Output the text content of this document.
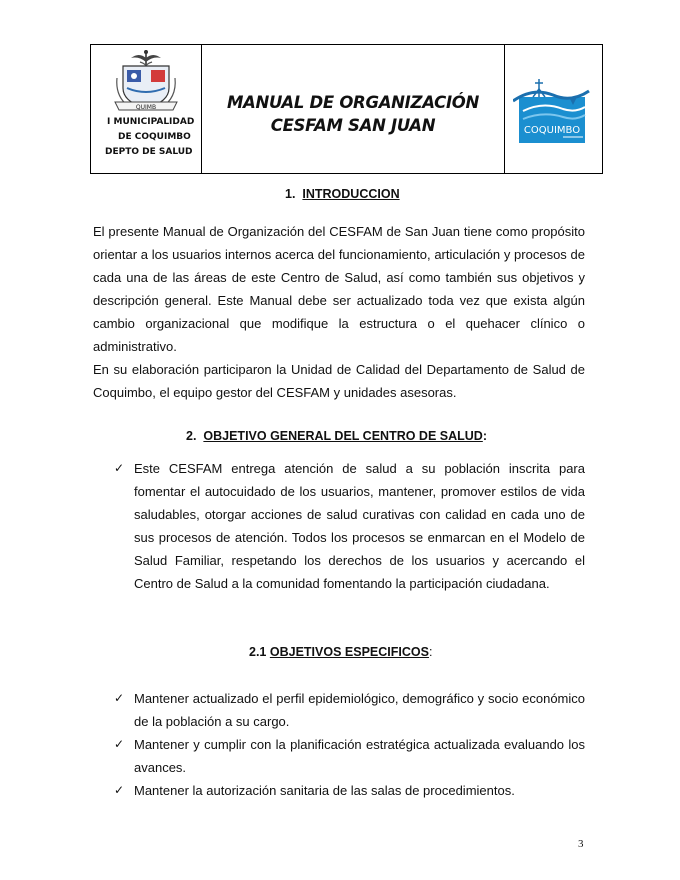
QUIMB
I MUNICIPALIDAD
DE COQUIMBO
DEPTO DE SALUD
MANUAL DE ORGANIZACIÓN
CESFAM SAN JUAN	COQUIMBO
1. INTRODUCCION
El presente Manual de Organización del CESFAM de San Juan tiene como propósito orientar a los usuarios internos acerca del funcionamiento, articulación y procesos de cada una de las áreas de este Centro de Salud, así como también sus objetivos y descripción general. Este Manual debe ser actualizado toda vez que exista algún cambio organizacional que modifique la estructura o el quehacer clínico o administrativo.
En su elaboración participaron la Unidad de Calidad del Departamento de Salud de Coquimbo, el equipo gestor del CESFAM y unidades asesoras.
2. OBJETIVO GENERAL DEL CENTRO DE SALUD:
✓ Este CESFAM entrega atención de salud a su población inscrita para fomentar el autocuidado de los usuarios, mantener, promover estilos de vida saludables, otorgar acciones de salud curativas con calidad en cada uno de sus procesos de atención. Todos los procesos se enmarcan en el Modelo de Salud Familiar, respetando los derechos de los usuarios y acercando el Centro de Salud a la comunidad fomentando la participación ciudadana.
2.1 OBJETIVOS ESPECIFICOS:
✓ Mantener actualizado el perfil epidemiológico, demográfico y socio económico de la población a su cargo.
✓ Mantener y cumplir con la planificación estratégica actualizada evaluando los avances.
✓ Mantener la autorización sanitaria de las salas de procedimientos.
3
